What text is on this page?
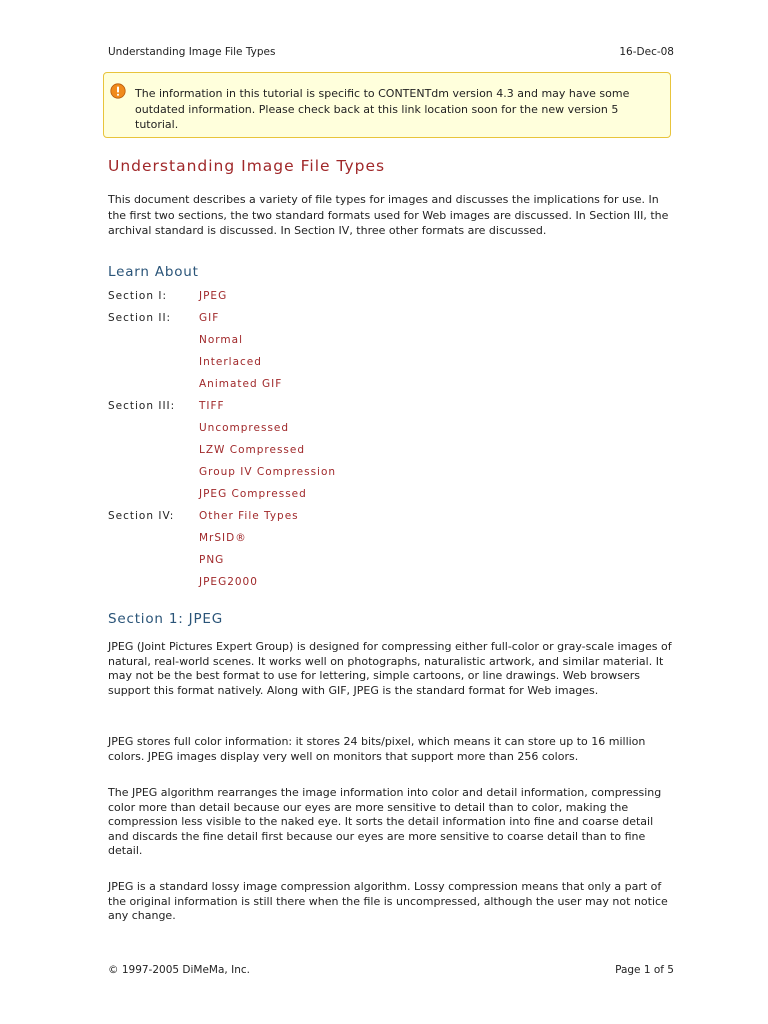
Understanding Image File Types	16-Dec-08
The information in this tutorial is specific to CONTENTdm version 4.3 and may have some outdated information. Please check back at this link location soon for the new version 5 tutorial.
Understanding Image File Types

This document describes a variety of file types for images and discusses the implications for use. In the first two sections, the two standard formats used for Web images are discussed. In Section III, the archival standard is discussed. In Section IV, three other formats are discussed.

Learn About
Section I:	JPEG
Section II:	GIF
Normal
Interlaced
Animated GIF
Section III: TIFF
Uncompressed
LZW Compressed
Group IV Compression
JPEG Compressed
Section IV: Other File Types
MrSID®
PNG
JPEG2000
Section 1: JPEG

JPEG (Joint Pictures Expert Group) is designed for compressing either full-color or gray-scale images of natural, real-world scenes. It works well on photographs, naturalistic artwork, and similar material. It may not be the best format to use for lettering, simple cartoons, or line drawings. Web browsers support this format natively. Along with GIF, JPEG is the standard format for Web images.

JPEG stores full color information: it stores 24 bits/pixel, which means it can store up to 16 million colors. JPEG images display very well on monitors that support more than 256 colors.

The JPEG algorithm rearranges the image information into color and detail information, compressing color more than detail because our eyes are more sensitive to detail than to color, making the compression less visible to the naked eye. It sorts the detail information into fine and coarse detail and discards the fine detail first because our eyes are more sensitive to coarse detail than to fine detail.

JPEG is a standard lossy image compression algorithm. Lossy compression means that only a part of the original information is still there when the file is uncompressed, although the user may not notice any change.

© 1997-2005 DiMeMa, Inc.	Page 1 of 5
